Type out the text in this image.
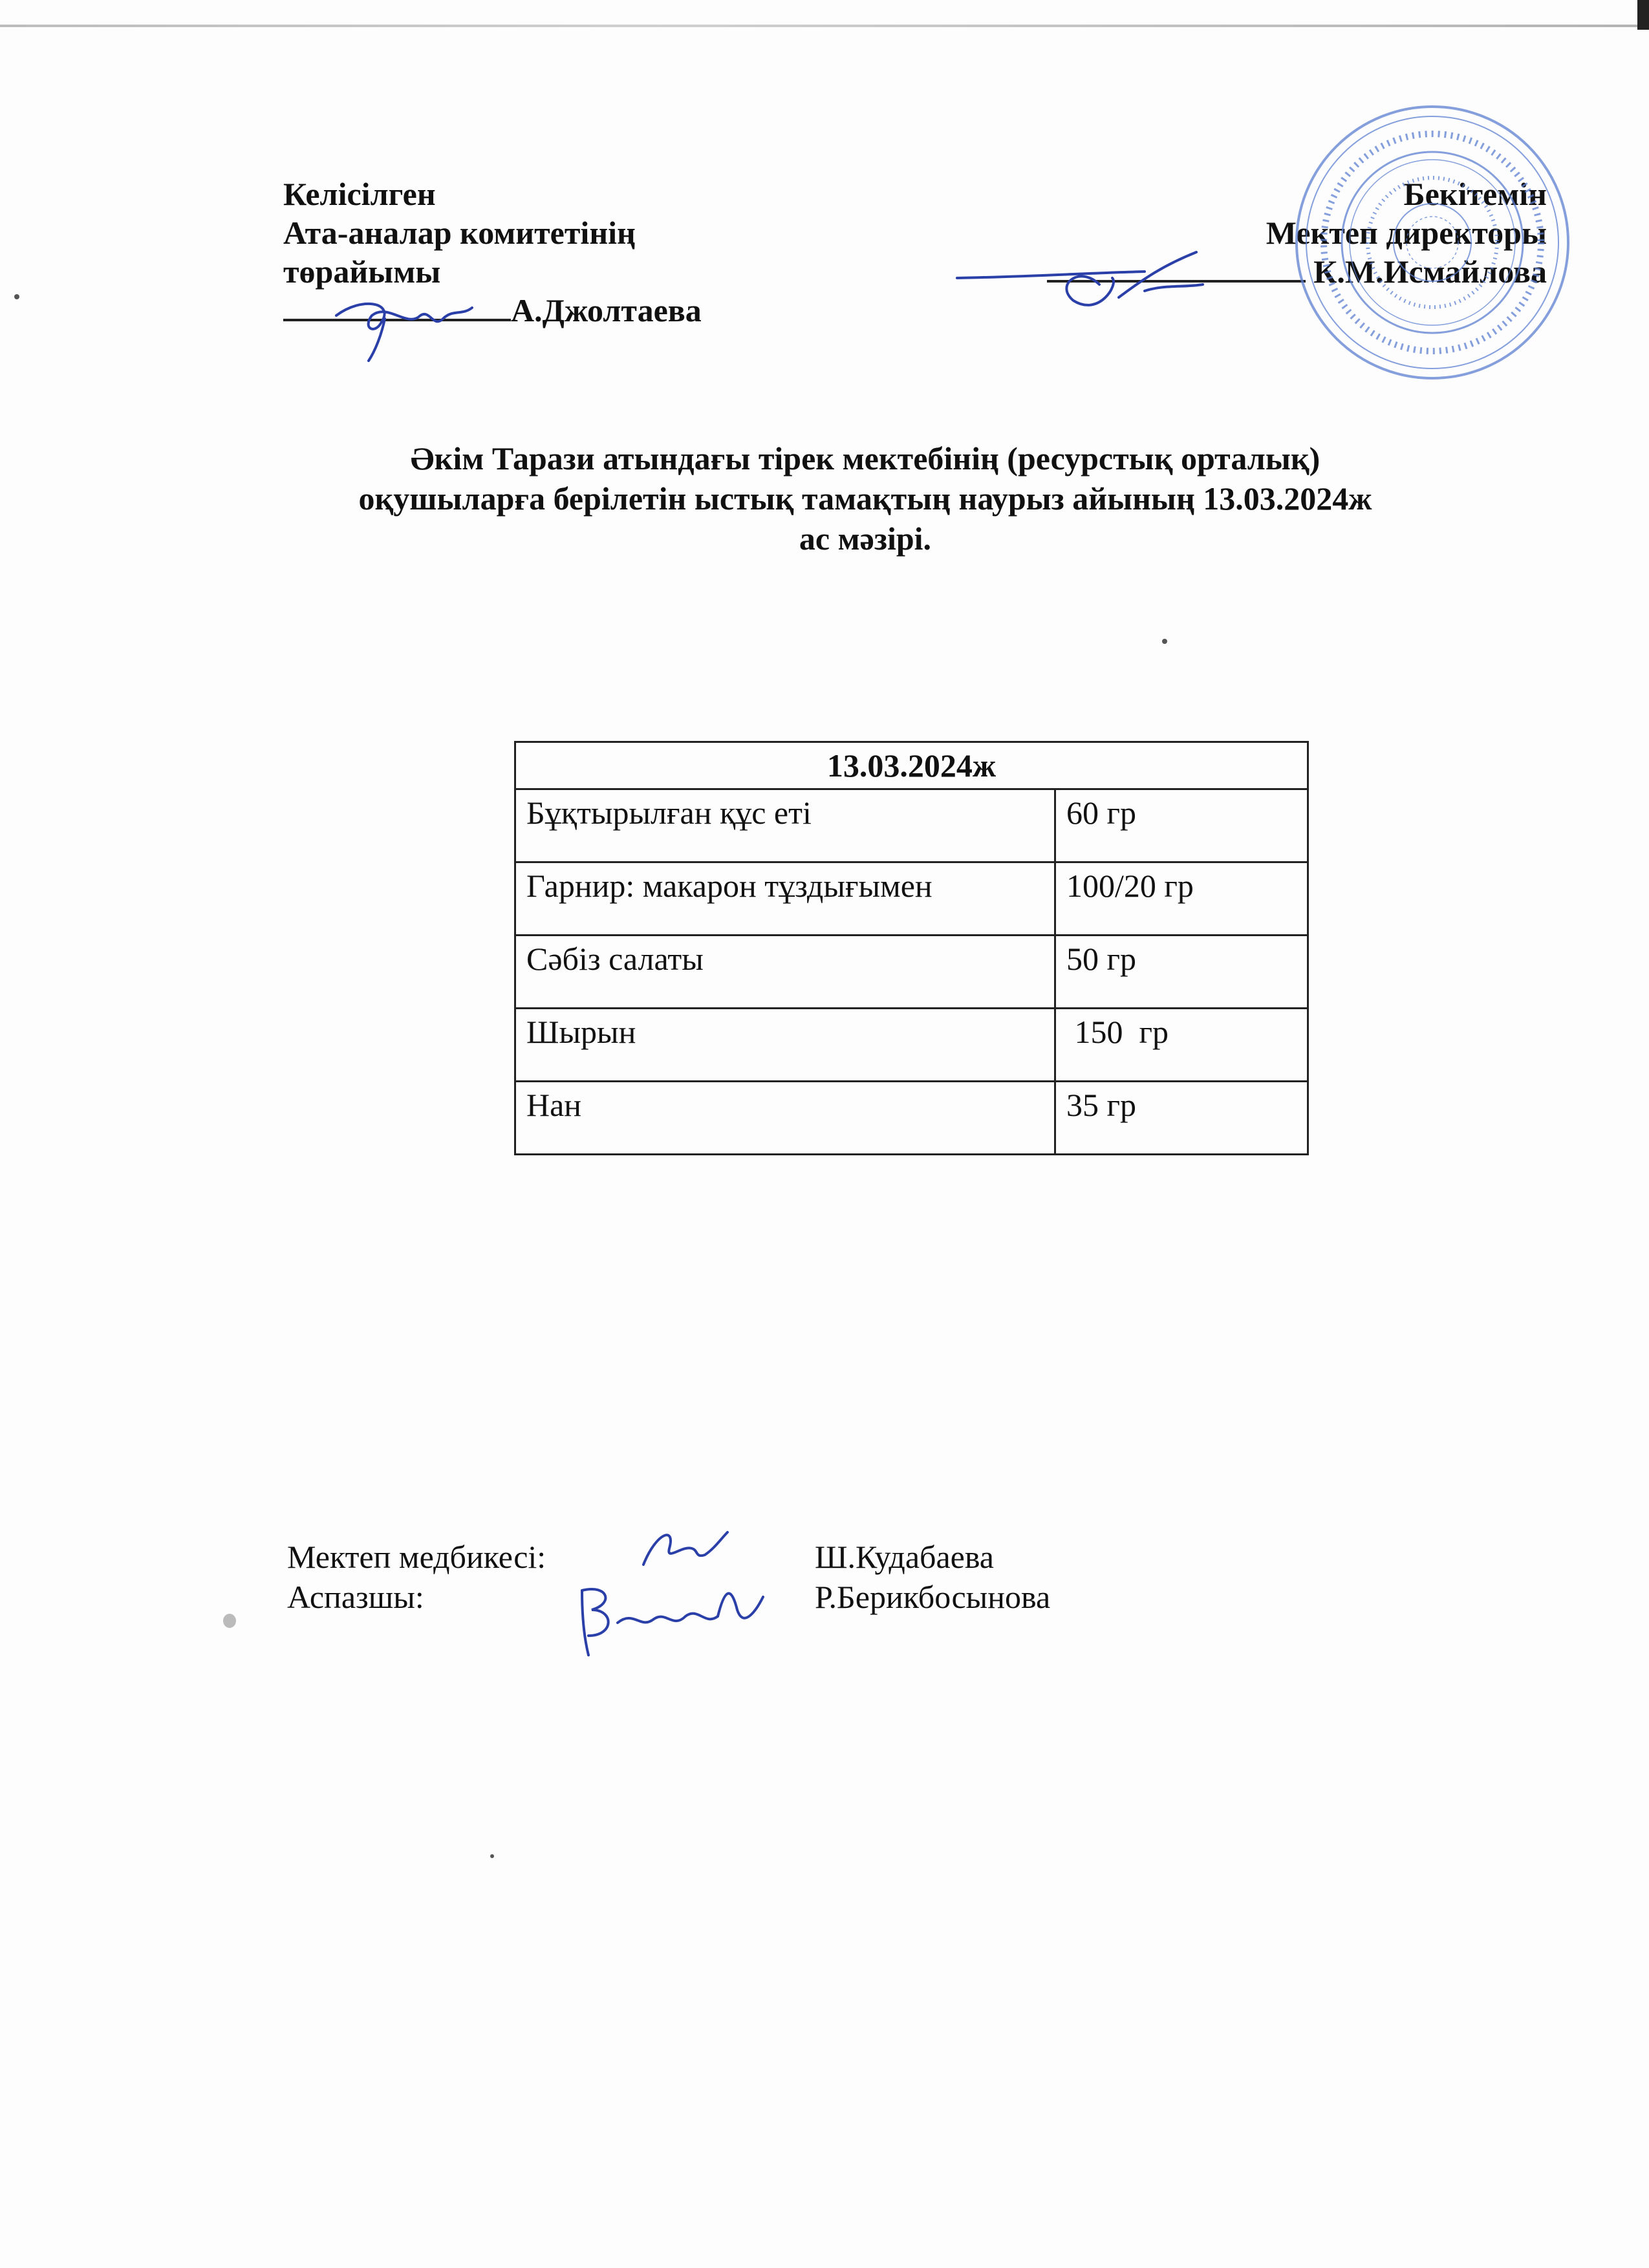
Келісілген
Ата-аналар комитетінің
төрайымы
А.Джолтаева
Бекітемін
Мектеп директоры
К.М.Исмайлова
Әкім Тарази атындағы тірек мектебінің (ресурстық орталық)
оқушыларға берілетін ыстық тамақтың наурыз айының 13.03.2024ж
ас мәзірі.
13.03.2024ж	
Бұқтырылған құс еті	60 гр
Гарнир: макарон тұздығымен	100/20 гр
Сәбіз салаты	50 гр
Шырын	150  гр
Нан	35 гр
Мектеп медбикесі:	Ш.Кудабаева
Аспазшы:	Р.Берикбосынова
